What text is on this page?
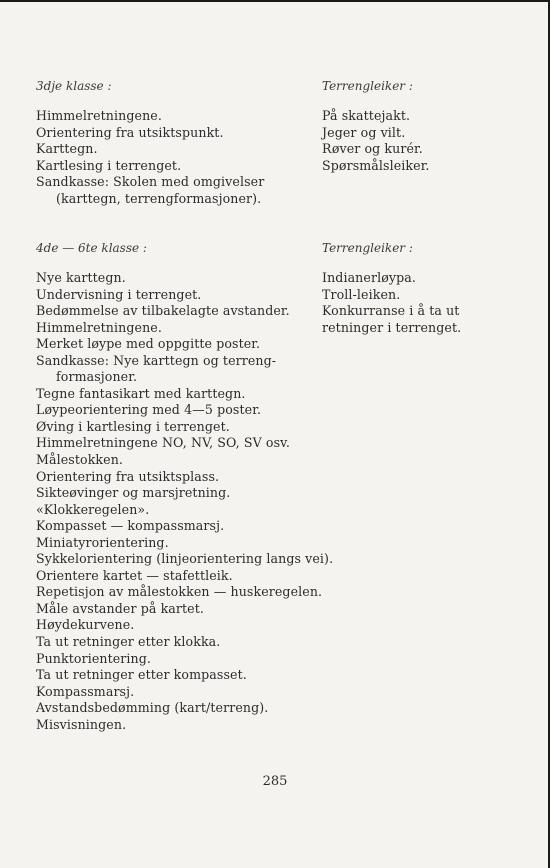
3dje klasse :

Himmelretningene.
Orientering fra utsiktspunkt.
Karttegn.
Kartlesing i terrenget.
Sandkasse: Skolen med omgivelser
(karttegn, terrengformasjoner).

Terrengleiker :

På skattejakt.
Jeger og vilt.
Røver og kurér.
Spørsmålsleiker.

4de — 6te klasse :

Nye karttegn.
Undervisning i terrenget.
Bedømmelse av tilbakelagte avstander.
Himmelretningene.
Merket løype med oppgitte poster.
Sandkasse: Nye karttegn og terreng-
formasjoner.
Tegne fantasikart med karttegn.
Løypeorientering med 4—5 poster.
Øving i kartlesing i terrenget.
Himmelretningene NO, NV, SO, SV osv.
Målestokken.
Orientering fra utsiktsplass.
Sikteøvinger og marsjretning.
«Klokkeregelen».
Kompasset — kompassmarsj.
Miniatyrorientering.
Sykkelorientering (linjeorientering langs vei).
Orientere kartet — stafettleik.
Repetisjon av målestokken — huskeregelen.
Måle avstander på kartet.
Høydekurvene.
Ta ut retninger etter klokka.
Punktorientering.
Ta ut retninger etter kompasset.
Kompassmarsj.
Avstandsbedømming (kart/terreng).
Misvisningen.

Terrengleiker :

Indianerløypa.
Troll-leiken.
Konkurranse i å ta ut
retninger i terrenget.
285
